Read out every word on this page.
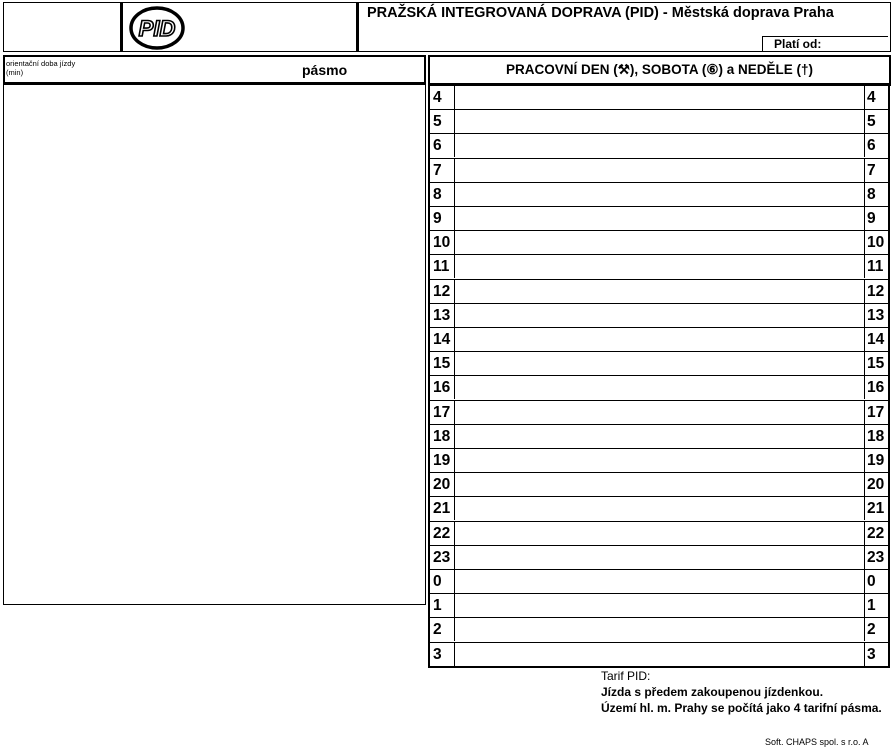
PID
PRAŽSKÁ INTEGROVANÁ DOPRAVA (PID) - Městská doprava Praha
Platí od:
orientační doba jízdy (min)	pásmo	PRACOVNÍ DEN (⚒), SOBOTA (⑥) a NEDĚLE (†)
4	4
5	5
6	6
7	7
8	8
9	9
10	10
11	11
12	12
13	13
14	14
15	15
16	16
17	17
18	18
19	19
20	20
21	21
22	22
23	23
0	0
1	1
2	2
3	3
Tarif PID:
Jízda s předem zakoupenou jízdenkou.
Území hl. m. Prahy se počítá jako 4 tarifní pásma.
Soft. CHAPS spol. s r.o. A
